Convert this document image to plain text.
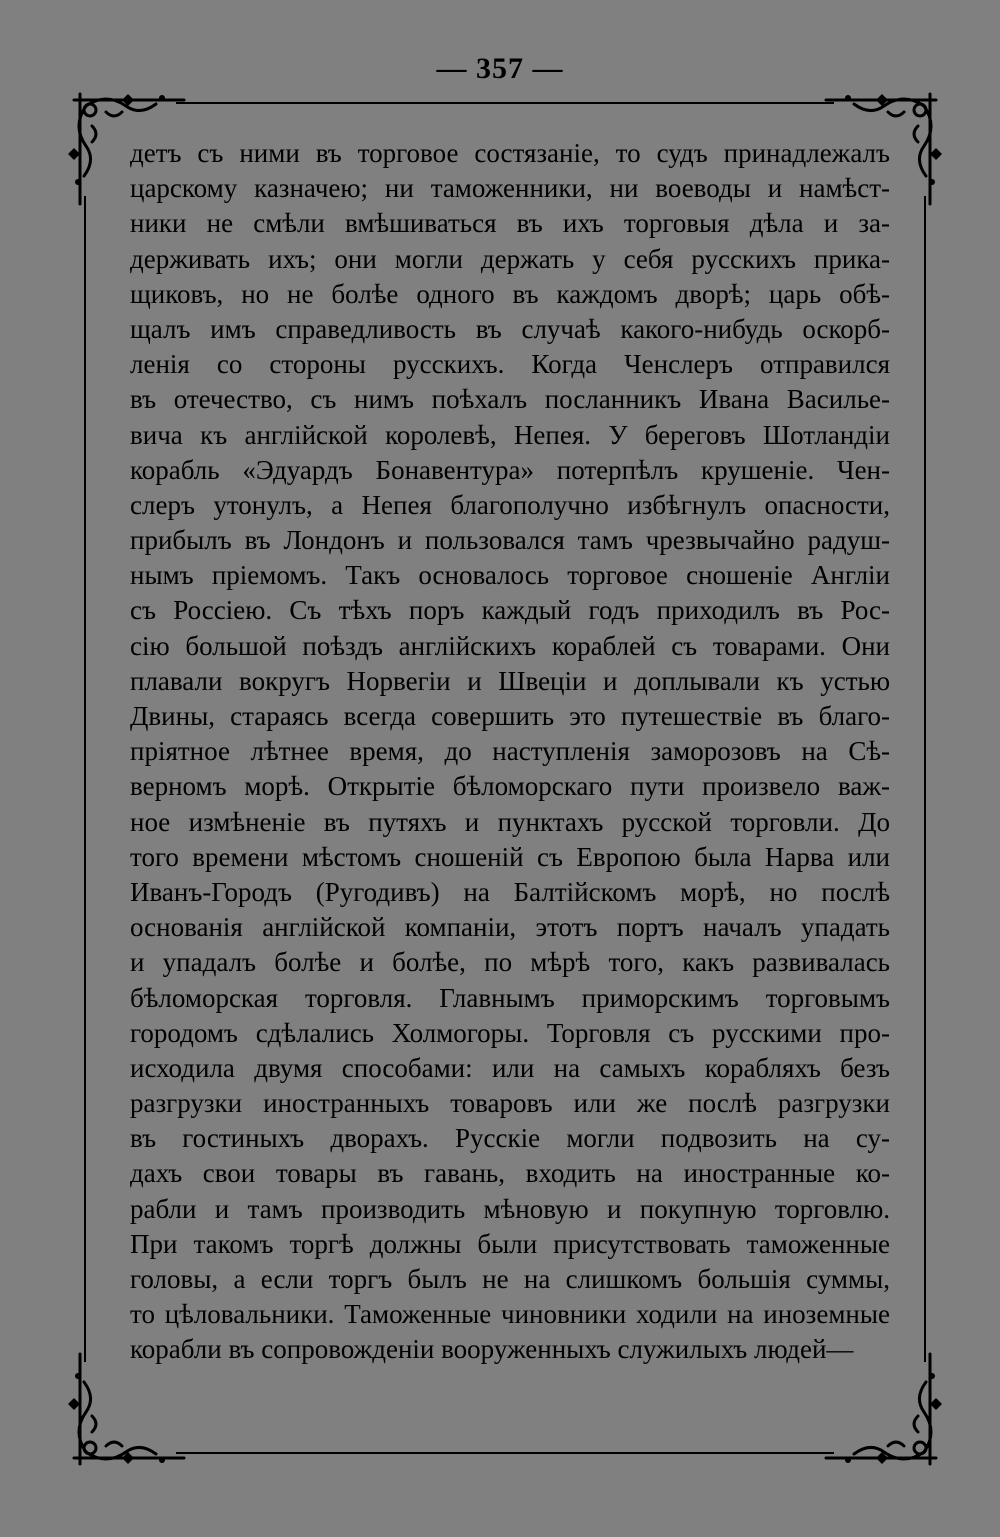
— 357 —
детъ съ ними въ торговое состязаніе, то судъ принадлежалъ
царскому казначею; ни таможенники, ни воеводы и намѣст-
ники не смѣли вмѣшиваться въ ихъ торговыя дѣла и за-
держивать ихъ; они могли держать у себя русскихъ прика-
щиковъ, но не болѣе одного въ каждомъ дворѣ; царь обѣ-
щалъ имъ справедливость въ случаѣ какого-нибудь оскорб-
ленія со стороны русскихъ. Когда Ченслеръ отправился
въ отечество, съ нимъ поѣхалъ посланникъ Ивана Василье-
вича къ англійской королевѣ, Непея. У береговъ Шотландіи
корабль «Эдуардъ Бонавентура» потерпѣлъ крушеніе. Чен-
слеръ утонулъ, а Непея благополучно избѣгнулъ опасности,
прибылъ въ Лондонъ и пользовался тамъ чрезвычайно радуш-
нымъ пріемомъ. Такъ основалось торговое сношеніе Англіи
съ Россіею. Съ тѣхъ поръ каждый годъ приходилъ въ Рос-
сію большой поѣздъ англійскихъ кораблей съ товарами. Они
плавали вокругъ Норвегіи и Швеціи и доплывали къ устью
Двины, стараясь всегда совершить это путешествіе въ благо-
пріятное лѣтнее время, до наступленія заморозовъ на Сѣ-
верномъ морѣ. Открытіе бѣломорскаго пути произвело важ-
ное измѣненіе въ путяхъ и пунктахъ русской торговли. До
того времени мѣстомъ сношеній съ Европою была Нарва или
Иванъ-Городъ (Ругодивъ) на Балтійскомъ морѣ, но послѣ
основанія англійской компаніи, этотъ портъ началъ упадать
и упадалъ болѣе и болѣе, по мѣрѣ того, какъ развивалась
бѣломорская торговля. Главнымъ приморскимъ торговымъ
городомъ сдѣлались Холмогоры. Торговля съ русскими про-
исходила двумя способами: или на самыхъ корабляхъ безъ
разгрузки иностранныхъ товаровъ или же послѣ разгрузки
въ гостиныхъ дворахъ. Русскіе могли подвозить на су-
дахъ свои товары въ гавань, входить на иностранные ко-
рабли и тамъ производить мѣновую и покупную торговлю.
При такомъ торгѣ должны были присутствовать таможенные
головы, а если торгъ былъ не на слишкомъ большія суммы,
то цѣловальники. Таможенные чиновники ходили на иноземные
корабли въ сопровожденіи вооруженныхъ служилыхъ людей—
